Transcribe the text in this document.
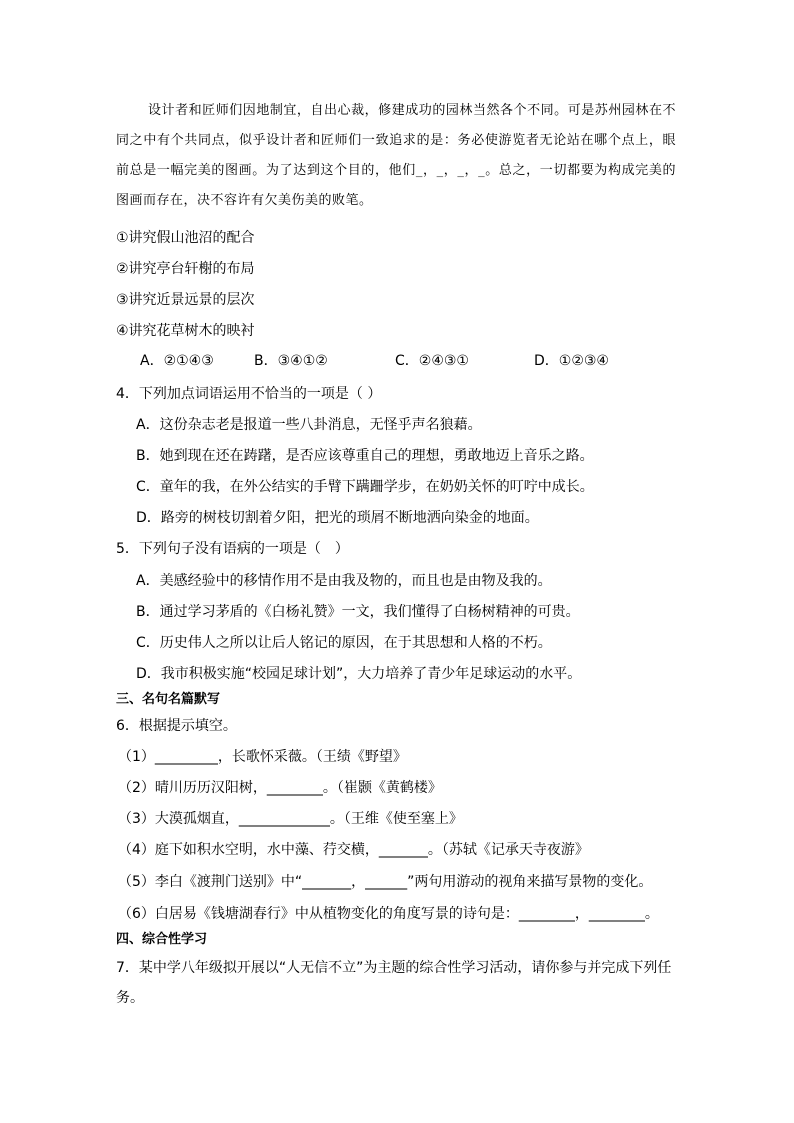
设计者和匠师们因地制宜，自出心裁，修建成功的园林当然各个不同。可是苏州园林在不同之中有个共同点，似乎设计者和匠师们一致追求的是：务必使游览者无论站在哪个点上，眼前总是一幅完美的图画。为了达到这个目的，他们_，_，_，_。总之，一切都要为构成完美的图画而存在，决不容许有欠美伤美的败笔。
①讲究假山池沼的配合
②讲究亭台轩榭的布局
③讲究近景远景的层次
④讲究花草树木的映衬
A．②①④③	B．③④①②	C．②④③①	D．①②③④
4．下列加点词语运用不恰当的一项是（ ）
A．这份杂志老是报道一些八卦消息，无怪乎声名狼藉。
B．她到现在还在踌躇，是否应该尊重自己的理想，勇敢地迈上音乐之路。
C．童年的我，在外公结实的手臂下蹒跚学步，在奶奶关怀的叮咛中成长。
D．路旁的树枝切割着夕阳，把光的琐屑不断地洒向染金的地面。
5．下列句子没有语病的一项是（　）
A．美感经验中的移情作用不是由我及物的，而且也是由物及我的。
B．通过学习茅盾的《白杨礼赞》一文，我们懂得了白杨树精神的可贵。
C．历史伟人之所以让后人铭记的原因，在于其思想和人格的不朽。
D．我市积极实施“校园足球计划”，大力培养了青少年足球运动的水平。
三、名句名篇默写
6．根据提示填空。
（1）_________，长歌怀采薇。（王绩《野望》
（2）晴川历历汉阳树，________。（崔颢《黄鹤楼》
（3）大漠孤烟直，_____________。（王维《使至塞上》
（4）庭下如积水空明，水中藻、荇交横，_______。（苏轼《记承天寺夜游》
（5）李白《渡荆门送别》中“_______，______”两句用游动的视角来描写景物的变化。
（6）白居易《钱塘湖春行》中从植物变化的角度写景的诗句是：________，________。
四、综合性学习
7．某中学八年级拟开展以“人无信不立”为主题的综合性学习活动，请你参与并完成下列任
务。
